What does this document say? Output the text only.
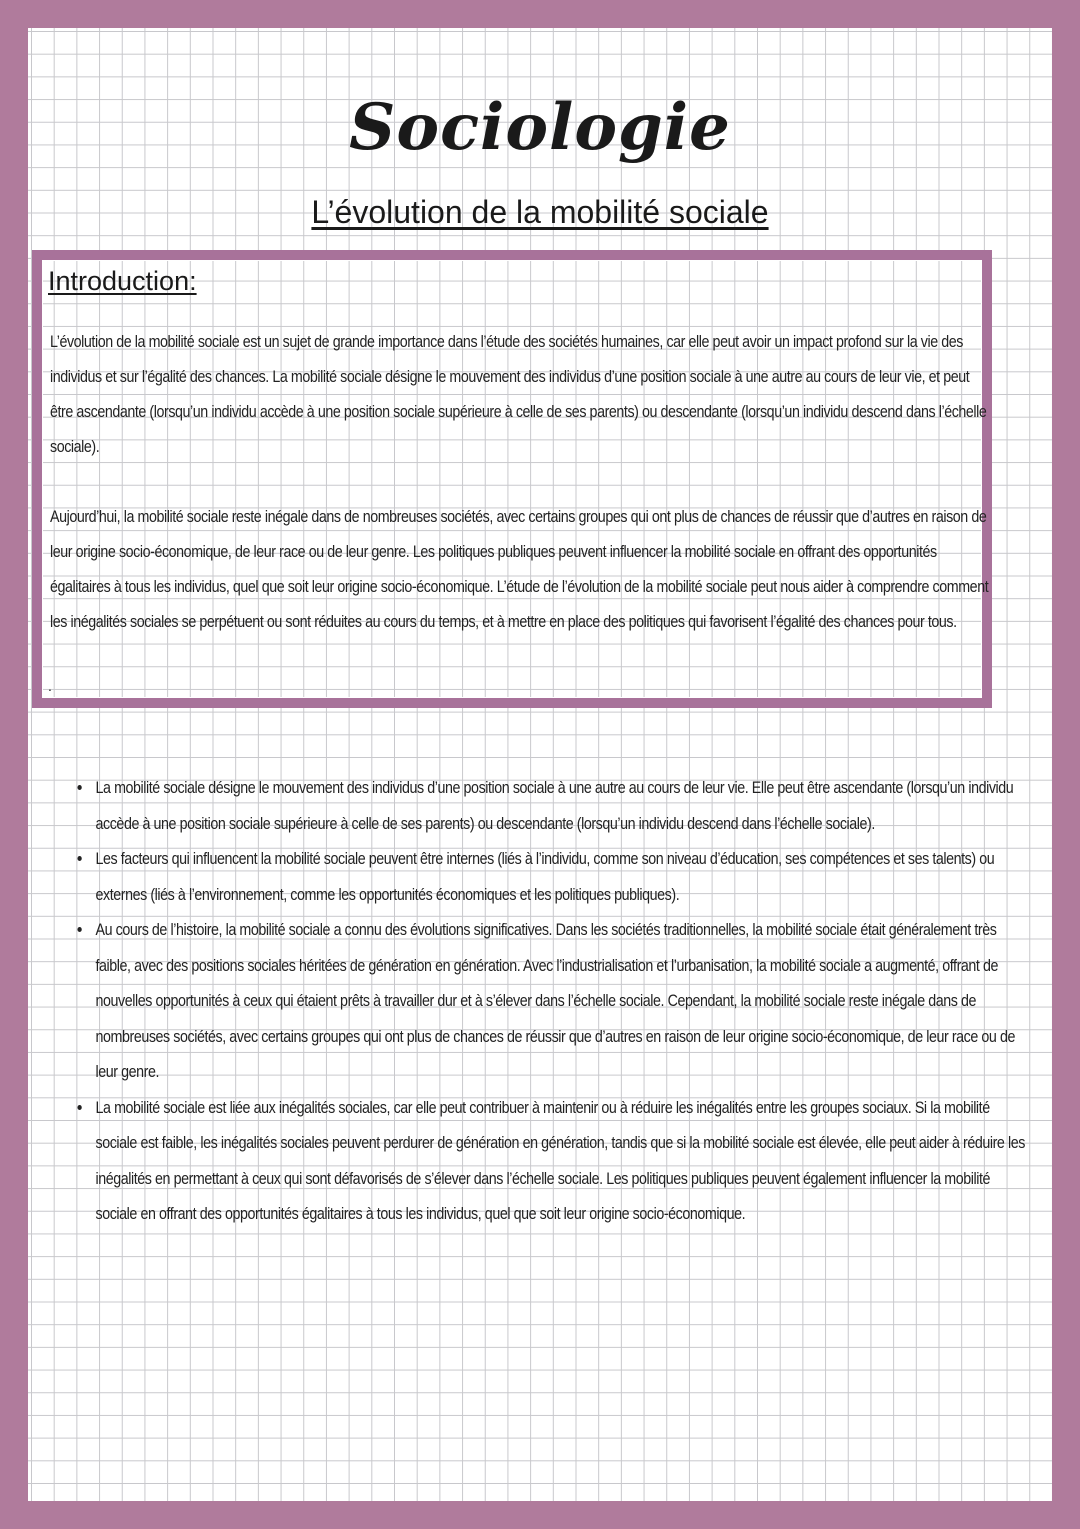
Sociologie
L’évolution de la mobilité sociale
Introduction:

L’évolution de la mobilité sociale est un sujet de grande importance dans l’étude des sociétés humaines, car elle peut avoir un impact profond sur la vie des individus et sur l’égalité des chances. La mobilité sociale désigne le mouvement des individus d’une position sociale à une autre au cours de leur vie, et peut être ascendante (lorsqu’un individu accède à une position sociale supérieure à celle de ses parents) ou descendante (lorsqu’un individu descend dans l’échelle sociale).

Aujourd’hui, la mobilité sociale reste inégale dans de nombreuses sociétés, avec certains groupes qui ont plus de chances de réussir que d’autres en raison de leur origine socio-économique, de leur race ou de leur genre. Les politiques publiques peuvent influencer la mobilité sociale en offrant des opportunités égalitaires à tous les individus, quel que soit leur origine socio-économique. L’étude de l’évolution de la mobilité sociale peut nous aider à comprendre comment les inégalités sociales se perpétuent ou sont réduites au cours du temps, et à mettre en place des politiques qui favorisent l’égalité des chances pour tous.

.
• La mobilité sociale désigne le mouvement des individus d’une position sociale à une autre au cours de leur vie. Elle peut être ascendante (lorsqu’un individu accède à une position sociale supérieure à celle de ses parents) ou descendante (lorsqu’un individu descend dans l’échelle sociale).
• Les facteurs qui influencent la mobilité sociale peuvent être internes (liés à l’individu, comme son niveau d’éducation, ses compétences et ses talents) ou externes (liés à l’environnement, comme les opportunités économiques et les politiques publiques).
• Au cours de l’histoire, la mobilité sociale a connu des évolutions significatives. Dans les sociétés traditionnelles, la mobilité sociale était généralement très faible, avec des positions sociales héritées de génération en génération. Avec l’industrialisation et l’urbanisation, la mobilité sociale a augmenté, offrant de nouvelles opportunités à ceux qui étaient prêts à travailler dur et à s’élever dans l’échelle sociale. Cependant, la mobilité sociale reste inégale dans de nombreuses sociétés, avec certains groupes qui ont plus de chances de réussir que d’autres en raison de leur origine socio-économique, de leur race ou de leur genre.
• La mobilité sociale est liée aux inégalités sociales, car elle peut contribuer à maintenir ou à réduire les inégalités entre les groupes sociaux. Si la mobilité sociale est faible, les inégalités sociales peuvent perdurer de génération en génération, tandis que si la mobilité sociale est élevée, elle peut aider à réduire les inégalités en permettant à ceux qui sont défavorisés de s’élever dans l’échelle sociale. Les politiques publiques peuvent également influencer la mobilité sociale en offrant des opportunités égalitaires à tous les individus, quel que soit leur origine socio-économique.
